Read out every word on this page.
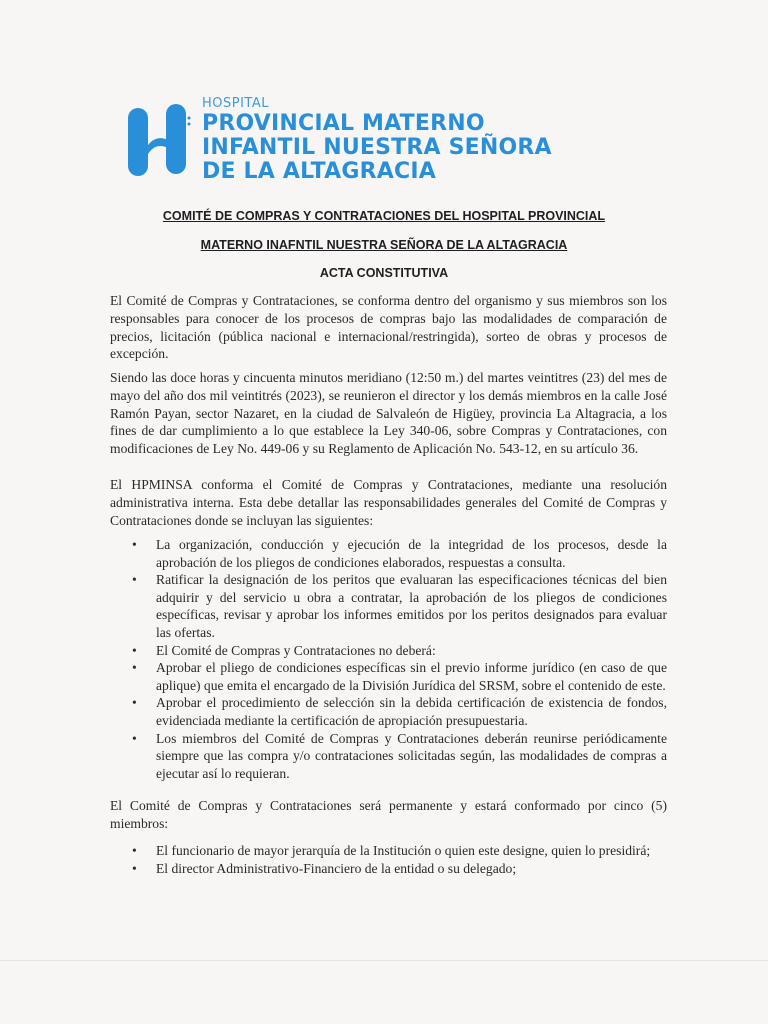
HOSPITAL
PROVINCIAL MATERNO
INFANTIL NUESTRA SEÑORA
DE LA ALTAGRACIA
COMITÉ DE COMPRAS Y CONTRATACIONES DEL HOSPITAL PROVINCIAL
MATERNO INAFNTIL NUESTRA SEÑORA DE LA ALTAGRACIA
ACTA CONSTITUTIVA
El Comité de Compras y Contrataciones, se conforma dentro del organismo y sus miembros son los responsables para conocer de los procesos de compras bajo las modalidades de comparación de precios, licitación (pública nacional e internacional/restringida), sorteo de obras y procesos de excepción.
Siendo las doce horas y cincuenta minutos meridiano (12:50 m.) del martes veintitres (23) del mes de mayo del año dos mil veintitrés (2023), se reunieron el director y los demás miembros en la calle José Ramón Payan, sector Nazaret, en la ciudad de Salvaleón de Higüey, provincia La Altagracia, a los fines de dar cumplimiento a lo que establece la Ley 340-06, sobre Compras y Contrataciones, con modificaciones de Ley No. 449-06 y su Reglamento de Aplicación No. 543-12, en su artículo 36.
El HPMINSA conforma el Comité de Compras y Contrataciones, mediante una resolución administrativa interna. Esta debe detallar las responsabilidades generales del Comité de Compras y Contrataciones donde se incluyan las siguientes:
• La organización, conducción y ejecución de la integridad de los procesos, desde la aprobación de los pliegos de condiciones elaborados, respuestas a consulta.
• Ratificar la designación de los peritos que evaluaran las especificaciones técnicas del bien adquirir y del servicio u obra a contratar, la aprobación de los pliegos de condiciones específicas, revisar y aprobar los informes emitidos por los peritos designados para evaluar las ofertas.
• El Comité de Compras y Contrataciones no deberá:
• Aprobar el pliego de condiciones específicas sin el previo informe jurídico (en caso de que aplique) que emita el encargado de la División Jurídica del SRSM, sobre el contenido de este.
• Aprobar el procedimiento de selección sin la debida certificación de existencia de fondos, evidenciada mediante la certificación de apropiación presupuestaria.
• Los miembros del Comité de Compras y Contrataciones deberán reunirse periódicamente siempre que las compra y/o contrataciones solicitadas según, las modalidades de compras a ejecutar así lo requieran.
El Comité de Compras y Contrataciones será permanente y estará conformado por cinco (5) miembros:
• El funcionario de mayor jerarquía de la Institución o quien este designe, quien lo presidirá;
• El director Administrativo-Financiero de la entidad o su delegado;
